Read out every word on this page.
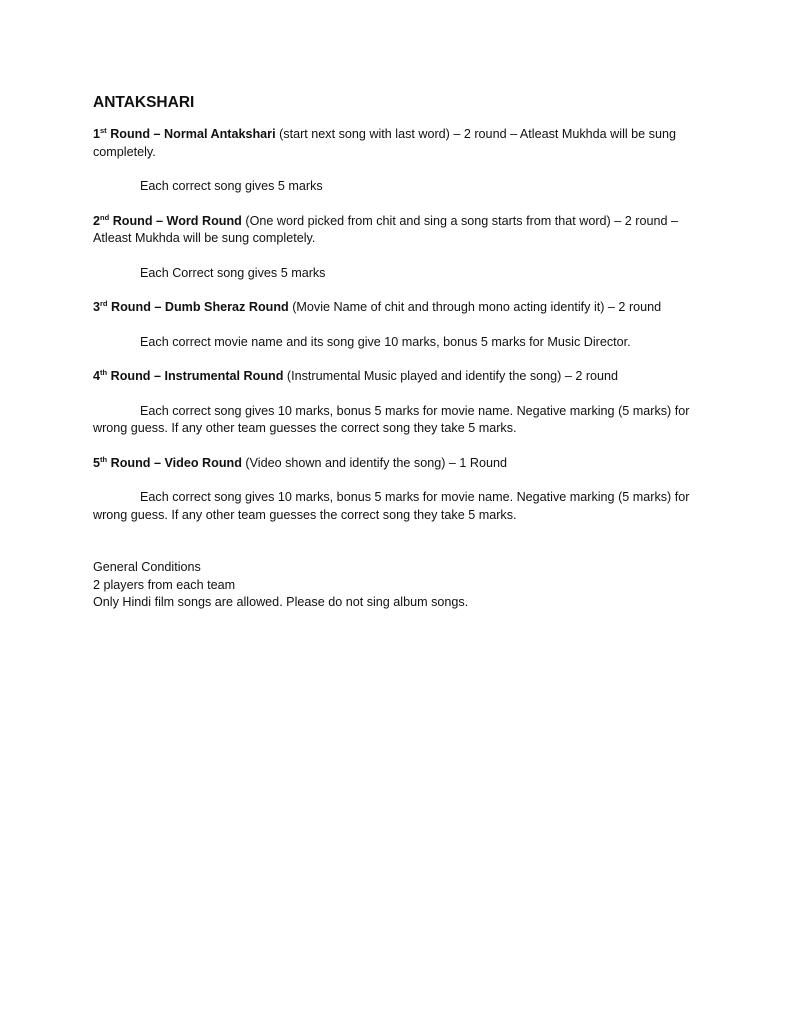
ANTAKSHARI

1st Round – Normal Antakshari (start next song with last word) – 2 round – Atleast Mukhda will be sung completely.

Each correct song gives 5 marks

2nd Round – Word Round (One word picked from chit and sing a song starts from that word) – 2 round – Atleast Mukhda will be sung completely.

Each Correct song gives 5 marks

3rd Round – Dumb Sheraz Round (Movie Name of chit and through mono acting identify it) – 2 round

Each correct movie name and its song give 10 marks, bonus 5 marks for Music Director.

4th Round – Instrumental Round (Instrumental Music played and identify the song) – 2 round

Each correct song gives 10 marks, bonus 5 marks for movie name. Negative marking (5 marks) for wrong guess. If any other team guesses the correct song they take 5 marks.

5th Round – Video Round (Video shown and identify the song) – 1 Round

Each correct song gives 10 marks, bonus 5 marks for movie name. Negative marking (5 marks) for wrong guess. If any other team guesses the correct song they take 5 marks.

General Conditions

2 players from each team

Only Hindi film songs are allowed. Please do not sing album songs.
